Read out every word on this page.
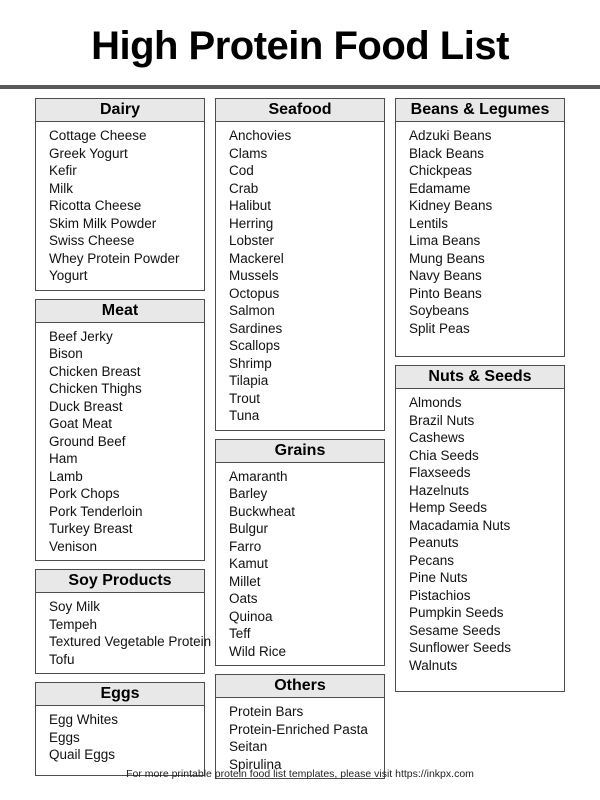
High Protein Food List
Dairy
Cottage Cheese
Greek Yogurt
Kefir
Milk
Ricotta Cheese
Skim Milk Powder
Swiss Cheese
Whey Protein Powder
Yogurt
Meat
Beef Jerky
Bison
Chicken Breast
Chicken Thighs
Duck Breast
Goat Meat
Ground Beef
Ham
Lamb
Pork Chops
Pork Tenderloin
Turkey Breast
Venison
Soy Products
Soy Milk
Tempeh
Textured Vegetable Protein
Tofu
Eggs
Egg Whites
Eggs
Quail Eggs
Seafood
Anchovies
Clams
Cod
Crab
Halibut
Herring
Lobster
Mackerel
Mussels
Octopus
Salmon
Sardines
Scallops
Shrimp
Tilapia
Trout
Tuna
Grains
Amaranth
Barley
Buckwheat
Bulgur
Farro
Kamut
Millet
Oats
Quinoa
Teff
Wild Rice
Others
Protein Bars
Protein-Enriched Pasta
Seitan
Spirulina
Beans & Legumes
Adzuki Beans
Black Beans
Chickpeas
Edamame
Kidney Beans
Lentils
Lima Beans
Mung Beans
Navy Beans
Pinto Beans
Soybeans
Split Peas
Nuts & Seeds
Almonds
Brazil Nuts
Cashews
Chia Seeds
Flaxseeds
Hazelnuts
Hemp Seeds
Macadamia Nuts
Peanuts
Pecans
Pine Nuts
Pistachios
Pumpkin Seeds
Sesame Seeds
Sunflower Seeds
Walnuts
For more printable protein food list templates, please visit https://inkpx.com
